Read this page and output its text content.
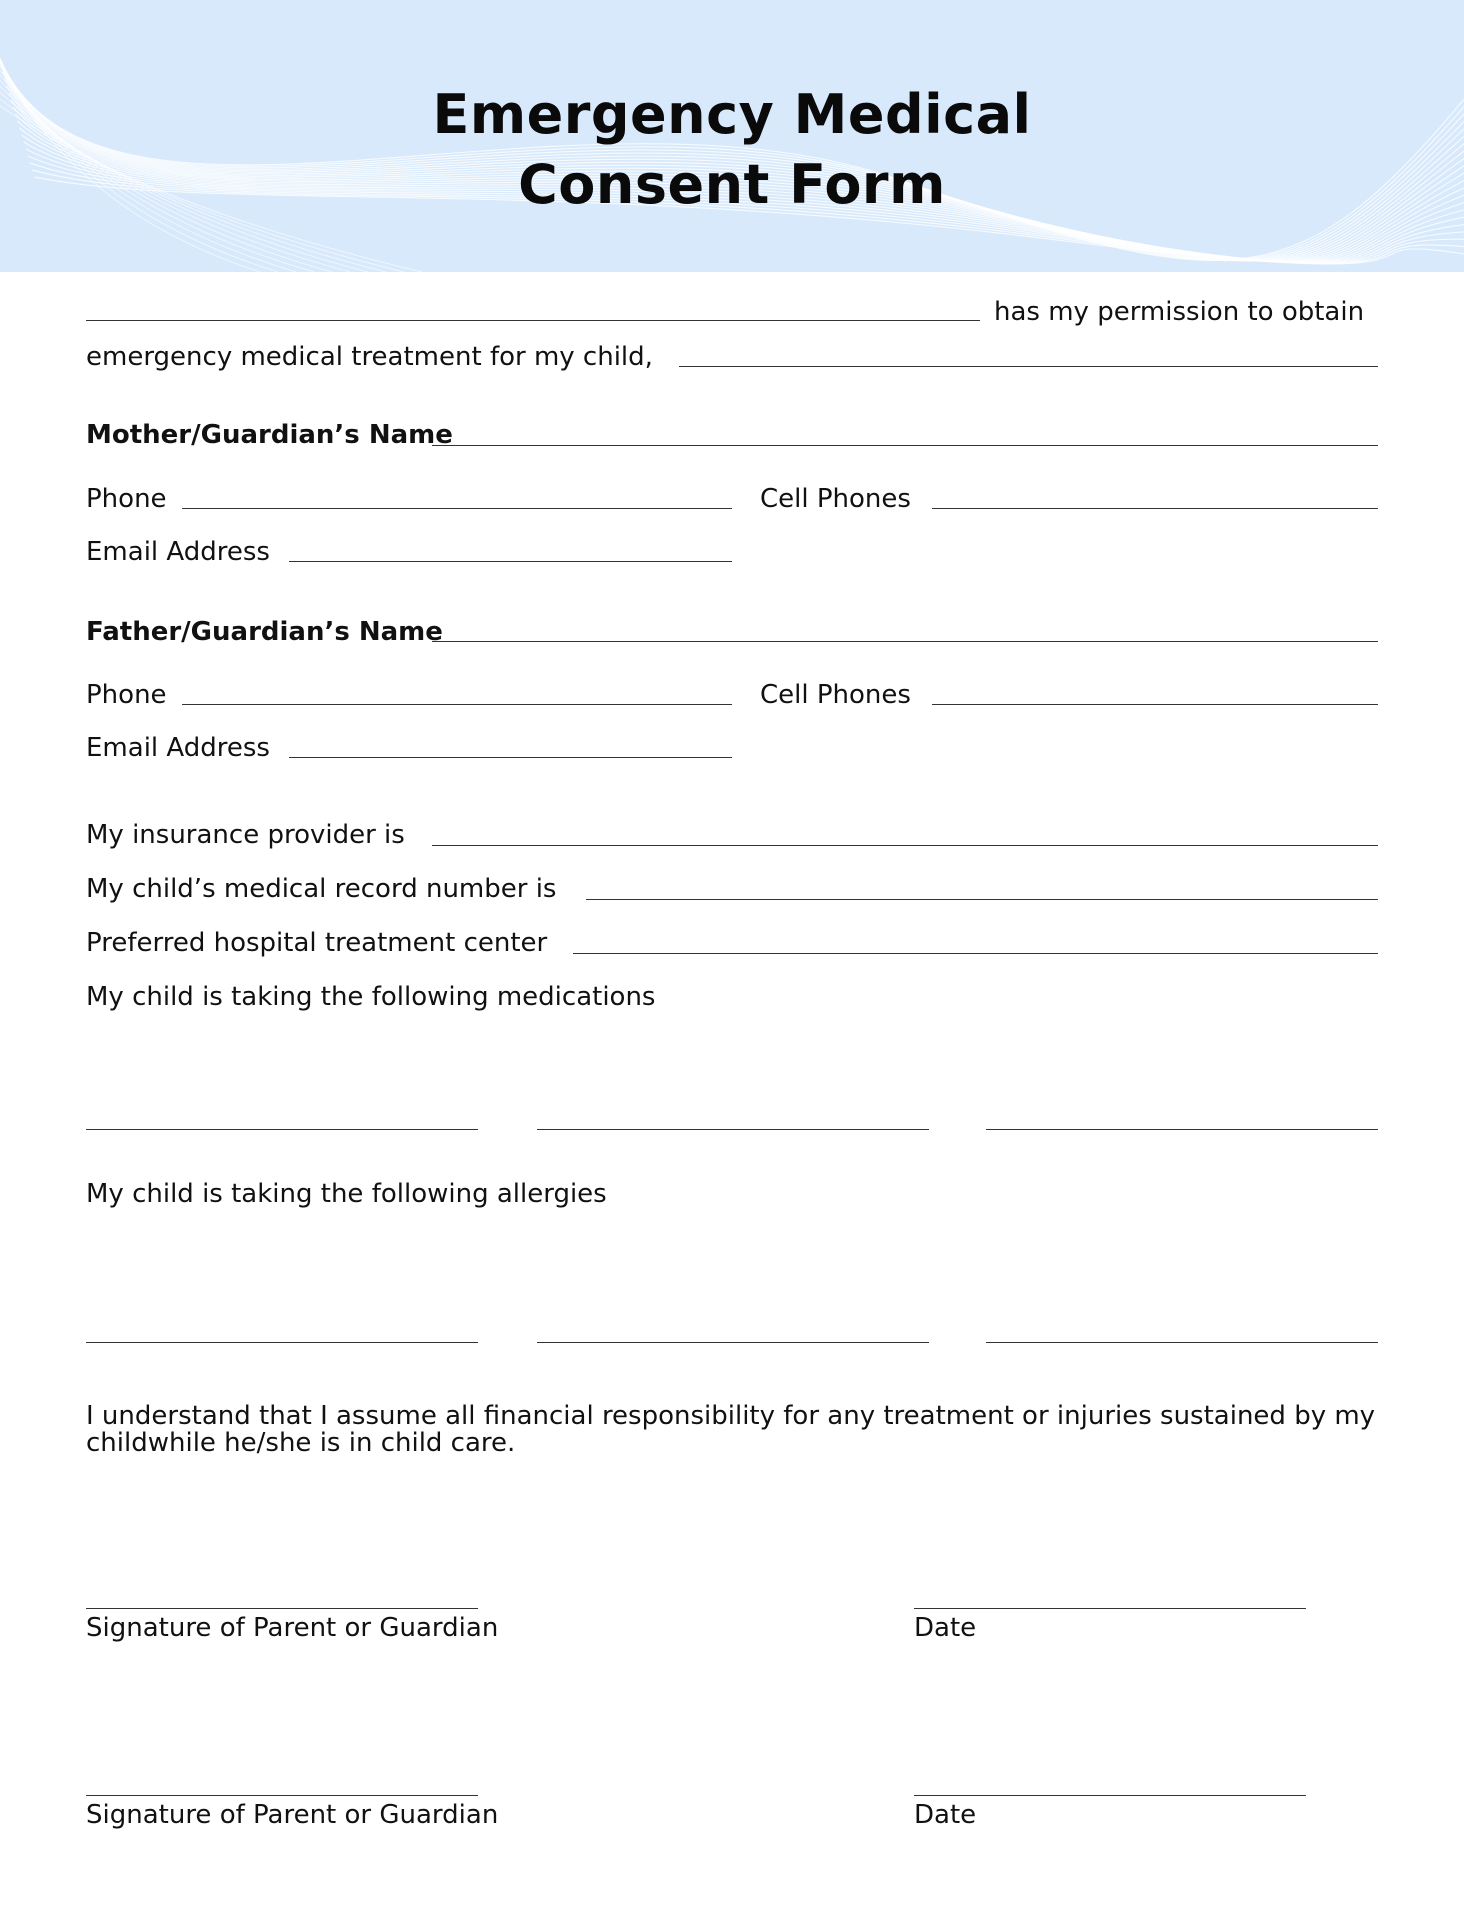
Emergency Medical
Consent Form
has my permission to obtain
emergency medical treatment for my child,
Mother/Guardian’s Name
Phone	Cell Phones
Email Address
Father/Guardian’s Name
Phone	Cell Phones
Email Address
My insurance provider is
My child’s medical record number is
Preferred hospital treatment center
My child is taking the following medications
My child is taking the following allergies
I understand that I assume all financial responsibility for any treatment or injuries sustained by my childwhile he/she is in child care.
Signature of Parent or Guardian	Date
Signature of Parent or Guardian	Date
